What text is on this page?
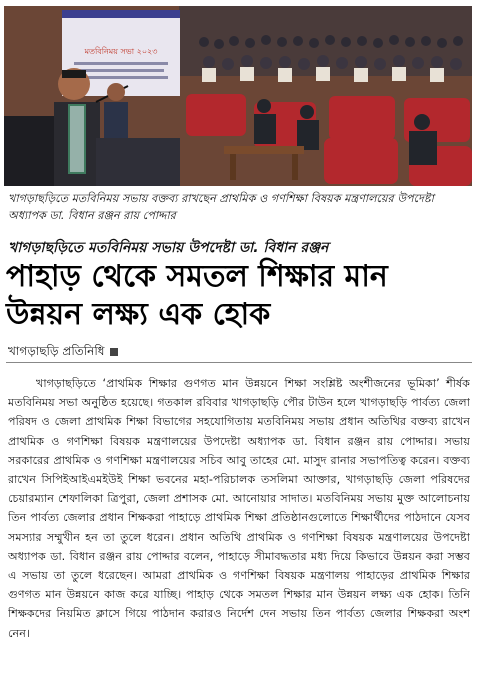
মতবিনিময় সভা ২০২৩
খাগড়াছড়িতে মতবিনিময় সভায় বক্তব্য রাখছেন প্রাথমিক ও গণশিক্ষা বিষয়ক মন্ত্রণালয়ের উপদেষ্টা অধ্যাপক ডা. বিধান রঞ্জন রায় পোদ্দার
খাগড়াছড়িতে মতবিনিময় সভায় উপদেষ্টা ডা. বিধান রঞ্জন
পাহাড় থেকে সমতল শিক্ষার মান উন্নয়ন লক্ষ্য এক হোক
খাগড়াছড়ি প্রতিনিধি

খাগড়াছড়িতে ‘প্রাথমিক শিক্ষার গুণগত মান উন্নয়নে শিক্ষা সংশ্লিষ্ট অংশীজনের ভূমিকা’ শীর্ষক মতবিনিময় সভা অনুষ্ঠিত হয়েছে। গতকাল রবিবার খাগড়াছড়ি পৌর টাউন হলে খাগড়াছড়ি পার্বত্য জেলা পরিষদ ও জেলা প্রাথমিক শিক্ষা বিভাগের সহযোগিতায় মতবিনিময় সভায় প্রধান অতিথির বক্তব্য রাখেন প্রাথমিক ও গণশিক্ষা বিষয়ক মন্ত্রণালয়ের উপদেষ্টা অধ্যাপক ডা. বিধান রঞ্জন রায় পোদ্দার। সভায় সরকারের প্রাথমিক ও গণশিক্ষা মন্ত্রণালয়ের সচিব আবু তাহের মো. মাসুদ রানার সভাপতিত্ব করেন। বক্তব্য রাখেন সিপিইআইএমইউই শিক্ষা ভবনের মহা-পরিচালক তসলিমা আক্তার, খাগড়াছড়ি জেলা পরিষদের চেয়ারম্যান শেফালিকা ত্রিপুরা, জেলা প্রশাসক মো. আনোয়ার সাদাত। মতবিনিময় সভায় মুক্ত আলোচনায় তিন পার্বত্য জেলার প্রধান শিক্ষকরা পাহাড়ে প্রাথমিক শিক্ষা প্রতিষ্ঠানগুলোতে শিক্ষার্থীদের পাঠদানে যেসব সমস্যার সম্মুখীন হন তা তুলে ধরেন। প্রধান অতিথি প্রাথমিক ও গণশিক্ষা বিষয়ক মন্ত্রণালয়ের উপদেষ্টা অধ্যাপক ডা. বিধান রঞ্জন রায় পোদ্দার বলেন, পাহাড়ে সীমাবদ্ধতার মধ্য দিয়ে কিভাবে উন্নয়ন করা সম্ভব এ সভায় তা তুলে ধরেছেন। আমরা প্রাথমিক ও গণশিক্ষা বিষয়ক মন্ত্রণালয় পাহাড়ের প্রাথমিক শিক্ষার গুণগত মান উন্নয়নে কাজ করে যাচ্ছি। পাহাড় থেকে সমতল শিক্ষার মান উন্নয়ন লক্ষ্য এক হোক। তিনি শিক্ষকদের নিয়মিত ক্লাসে গিয়ে পাঠদান করারও নির্দেশ দেন সভায় তিন পার্বত্য জেলার শিক্ষকরা অংশ নেন।
